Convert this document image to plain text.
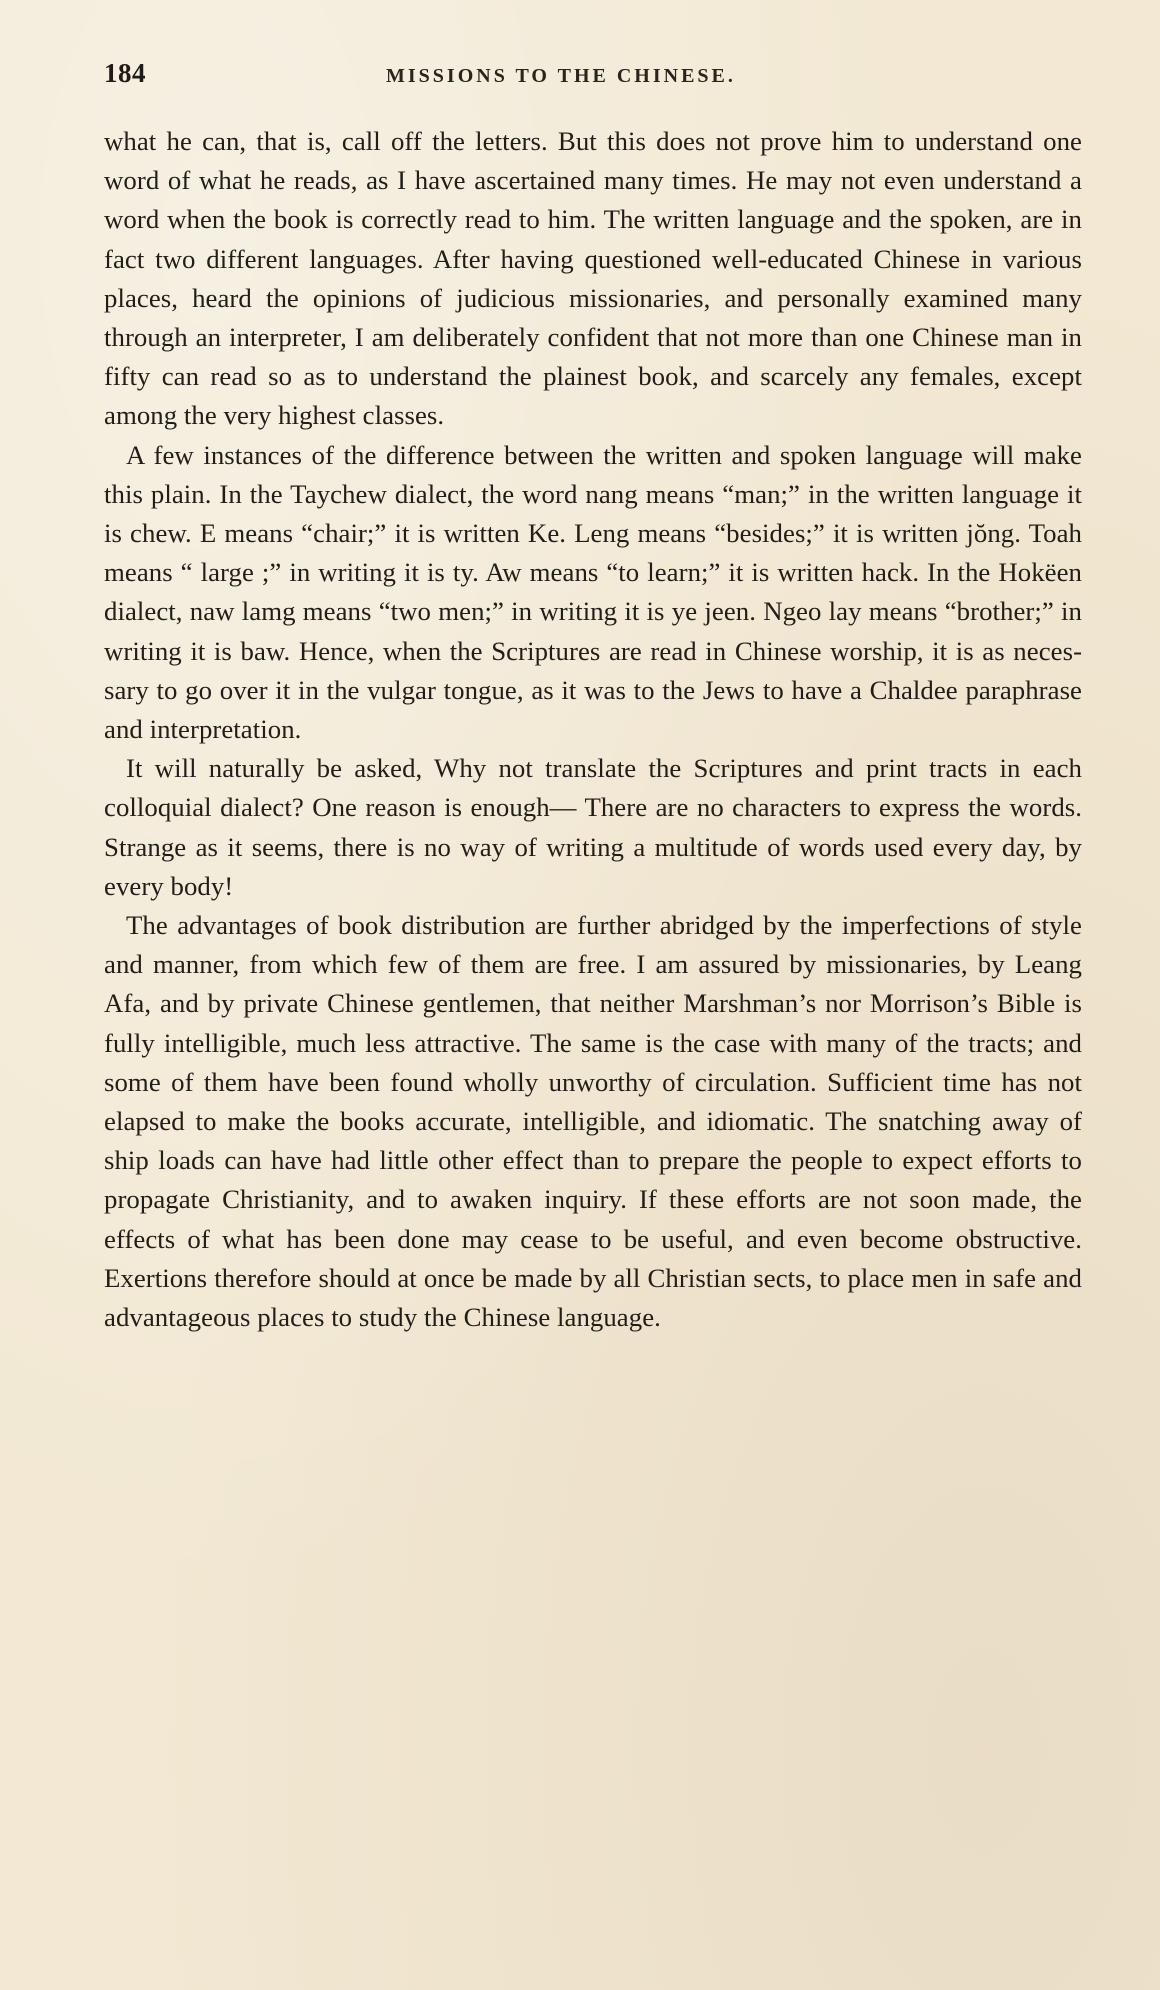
184	MISSIONS TO THE CHINESE.

what he can, that is, call off the letters. But this does not prove him to understand one word of what he reads, as I have ascertained many times. He may not even understand a word when the book is correctly read to him. The written language and the spoken, are in fact two different languages. After having questioned well-educated Chinese in various places, heard the opinions of judicious missionaries, and personally examined many through an interpreter, I am deliberately confident that not more than one Chinese man in fifty can read so as to understand the plainest book, and scarcely any females, except among the very highest classes.

A few instances of the difference between the written and spoken language will make this plain. In the Taychew dialect, the word nang means “man;” in the written language it is chew. E means “chair;” it is written Ke. Leng means “besides;” it is written jŏng. Toah means “ large ;” in writing it is ty. Aw means “to learn;” it is written hack. In the Hokëen dialect, naw lamg means “two men;” in writing it is ye jeen. Ngeo lay means “brother;” in writing it is baw. Hence, when the Scriptures are read in Chinese worship, it is as necessary to go over it in the vulgar tongue, as it was to the Jews to have a Chaldee paraphrase and interpretation.

It will naturally be asked, Why not translate the Scriptures and print tracts in each colloquial dialect? One reason is enough— There are no characters to express the words. Strange as it seems, there is no way of writing a multitude of words used every day, by every body!

The advantages of book distribution are further abridged by the imperfections of style and manner, from which few of them are free. I am assured by missionaries, by Leang Afa, and by private Chinese gentlemen, that neither Marshman’s nor Morrison’s Bible is fully intelligible, much less attractive. The same is the case with many of the tracts; and some of them have been found wholly unworthy of circulation. Sufficient time has not elapsed to make the books accurate, intelligible, and idiomatic. The snatching away of ship loads can have had little other effect than to prepare the people to expect efforts to propagate Christianity, and to awaken inquiry. If these efforts are not soon made, the effects of what has been done may cease to be useful, and even become obstructive. Exertions therefore should at once be made by all Christian sects, to place men in safe and advantageous places to study the Chinese language.
